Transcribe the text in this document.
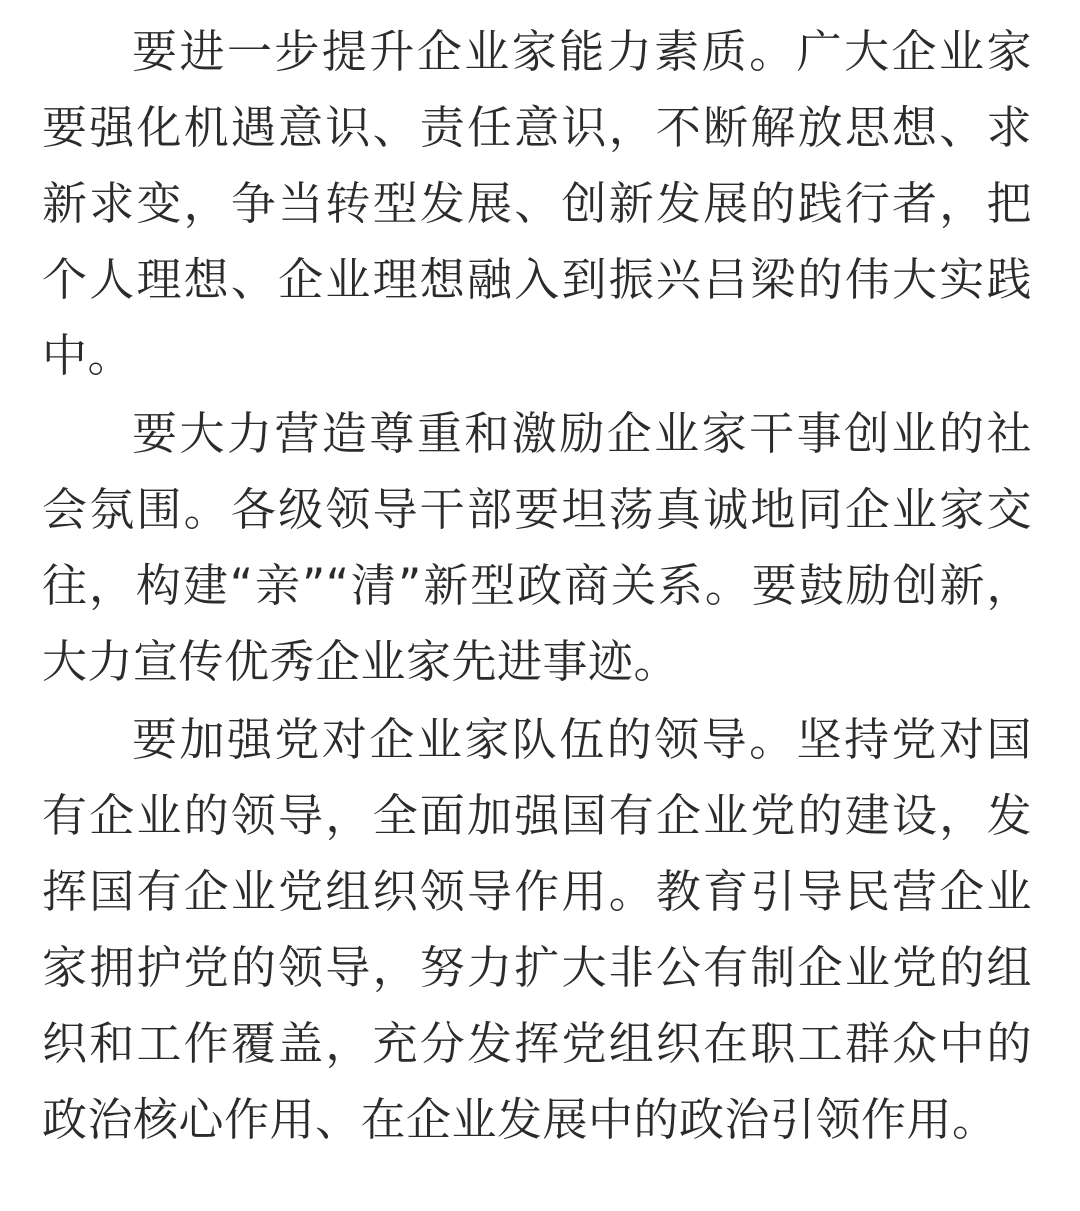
要进一步提升企业家能力素质。广大企业家要强化机遇意识、责任意识，不断解放思想、求新求变，争当转型发展、创新发展的践行者，把个人理想、企业理想融入到振兴吕梁的伟大实践中。

要大力营造尊重和激励企业家干事创业的社会氛围。各级领导干部要坦荡真诚地同企业家交往，构建“亲”“清”新型政商关系。要鼓励创新，大力宣传优秀企业家先进事迹。

要加强党对企业家队伍的领导。坚持党对国有企业的领导，全面加强国有企业党的建设，发挥国有企业党组织领导作用。教育引导民营企业家拥护党的领导，努力扩大非公有制企业党的组织和工作覆盖，充分发挥党组织在职工群众中的政治核心作用、在企业发展中的政治引领作用。
